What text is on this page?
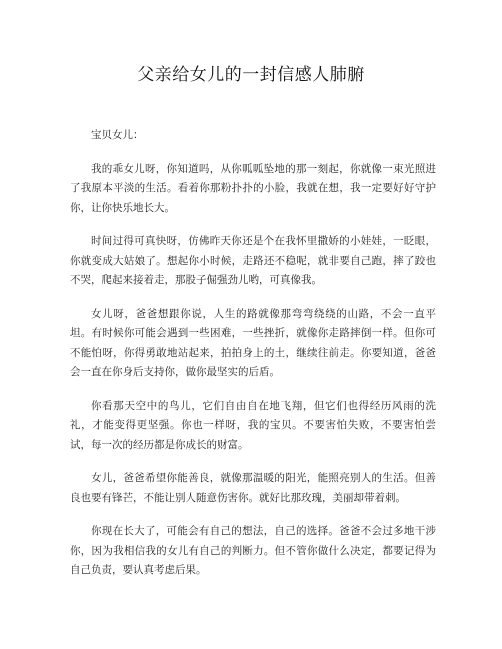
父亲给女儿的一封信感人肺腑

宝贝女儿：

我的乖女儿呀，你知道吗，从你呱呱坠地的那一刻起，你就像一束光照进了我原本平淡的生活。看着你那粉扑扑的小脸，我就在想，我一定要好好守护你，让你快乐地长大。

时间过得可真快呀，仿佛昨天你还是个在我怀里撒娇的小娃娃，一眨眼，你就变成大姑娘了。想起你小时候，走路还不稳呢，就非要自己跑，摔了跤也不哭，爬起来接着走，那股子倔强劲儿哟，可真像我。

女儿呀，爸爸想跟你说，人生的路就像那弯弯绕绕的山路，不会一直平坦。有时候你可能会遇到一些困难，一些挫折，就像你走路摔倒一样。但你可不能怕呀，你得勇敢地站起来，拍拍身上的土，继续往前走。你要知道，爸爸会一直在你身后支持你，做你最坚实的后盾。

你看那天空中的鸟儿，它们自由自在地飞翔，但它们也得经历风雨的洗礼，才能变得更坚强。你也一样呀，我的宝贝。不要害怕失败，不要害怕尝试，每一次的经历都是你成长的财富。

女儿，爸爸希望你能善良，就像那温暖的阳光，能照亮别人的生活。但善良也要有锋芒，不能让别人随意伤害你。就好比那玫瑰，美丽却带着刺。

你现在长大了，可能会有自己的想法，自己的选择。爸爸不会过多地干涉你，因为我相信我的女儿有自己的判断力。但不管你做什么决定，都要记得为自己负责，要认真考虑后果。
